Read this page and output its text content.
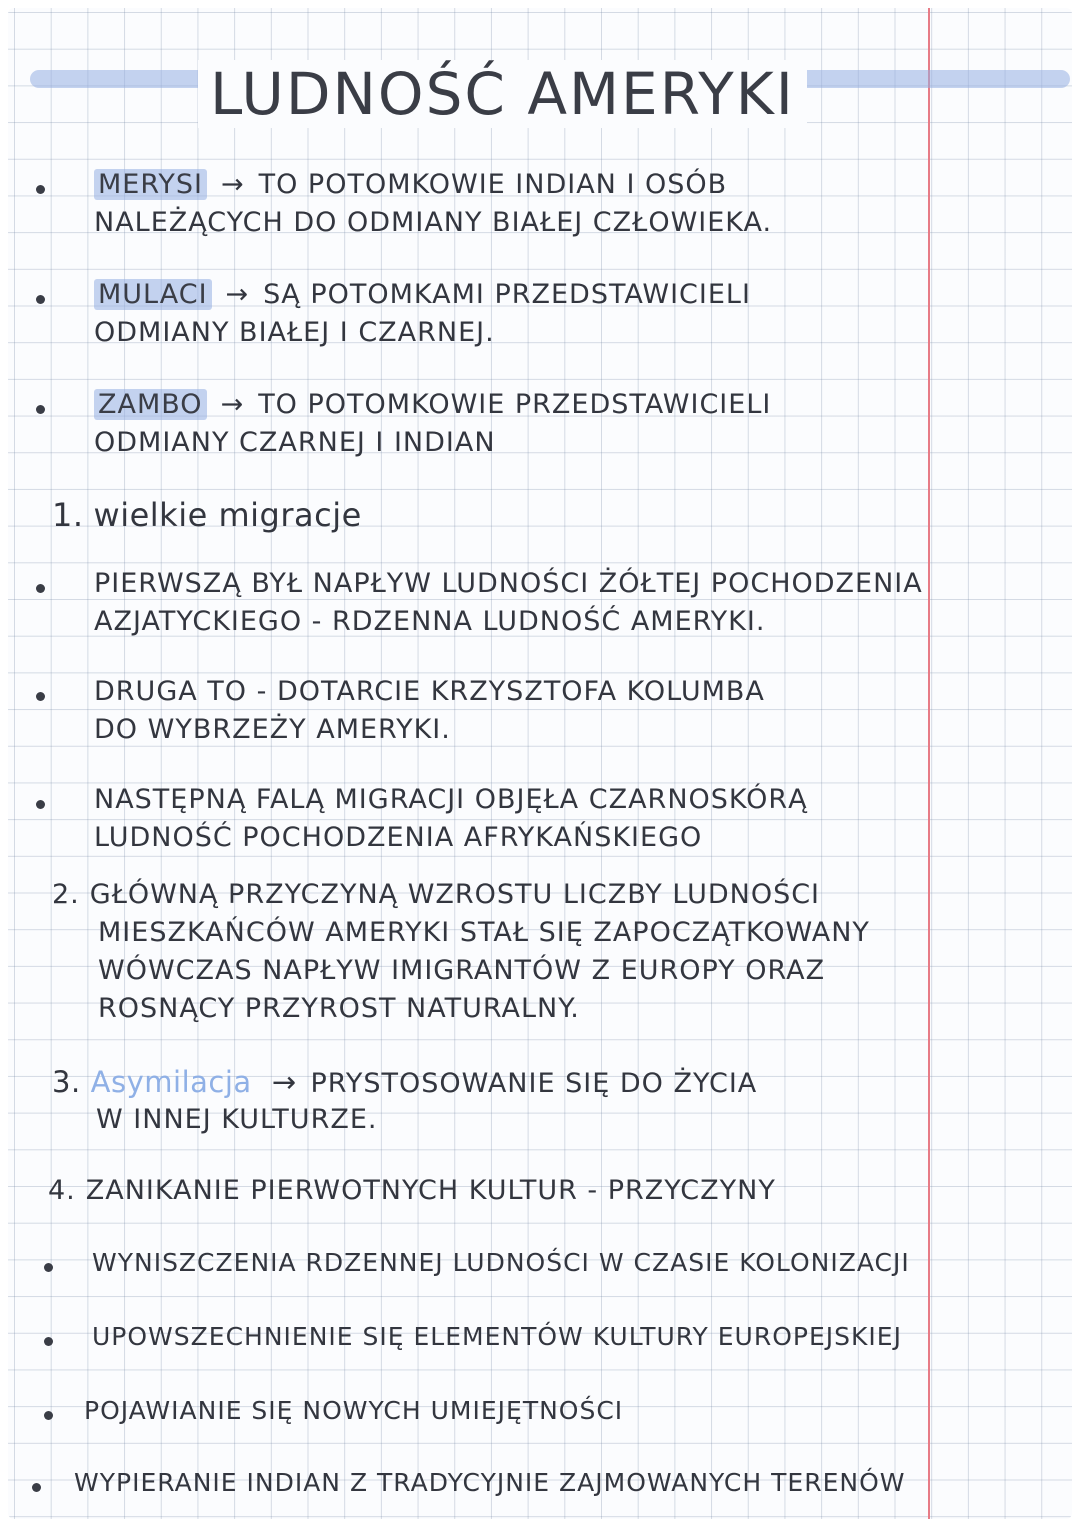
LUDNOŚĆ AMERYKI
MERYSI → TO POTOMKOWIE INDIAN I OSÓB
NALEŻĄCYCH DO ODMIANY BIAŁEJ CZŁOWIEKA.
MULACI → SĄ POTOMKAMI PRZEDSTAWICIELI
ODMIANY BIAŁEJ I CZARNEJ.
ZAMBO → TO POTOMKOWIE PRZEDSTAWICIELI
ODMIANY CZARNEJ I INDIAN
1. wielkie migracje
PIERWSZĄ BYŁ NAPŁYW LUDNOŚCI ŻÓŁTEJ POCHODZENIA
AZJATYCKIEGO - RDZENNA LUDNOŚĆ AMERYKI.
DRUGA TO - DOTARCIE KRZYSZTOFA KOLUMBA
DO WYBRZEŻY AMERYKI.
NASTĘPNĄ FALĄ MIGRACJI OBJĘŁA CZARNOSKÓRĄ
LUDNOŚĆ POCHODZENIA AFRYKAŃSKIEGO
2. GŁÓWNĄ PRZYCZYNĄ WZROSTU LICZBY LUDNOŚCI
MIESZKAŃCÓW AMERYKI STAŁ SIĘ ZAPOCZĄTKOWANY
WÓWCZAS NAPŁYW IMIGRANTÓW Z EUROPY ORAZ
ROSNĄCY PRZYROST NATURALNY.
3. Asymilacja → PRYSTOSOWANIE SIĘ DO ŻYCIA
W INNEJ KULTURZE.
4. ZANIKANIE PIERWOTNYCH KULTUR - PRZYCZYNY
WYNISZCZENIA RDZENNEJ LUDNOŚCI W CZASIE KOLONIZACJI
UPOWSZECHNIENIE SIĘ ELEMENTÓW KULTURY EUROPEJSKIEJ
POJAWIANIE SIĘ NOWYCH UMIEJĘTNOŚCI
WYPIERANIE INDIAN Z TRADYCYJNIE ZAJMOWANYCH TERENÓW
